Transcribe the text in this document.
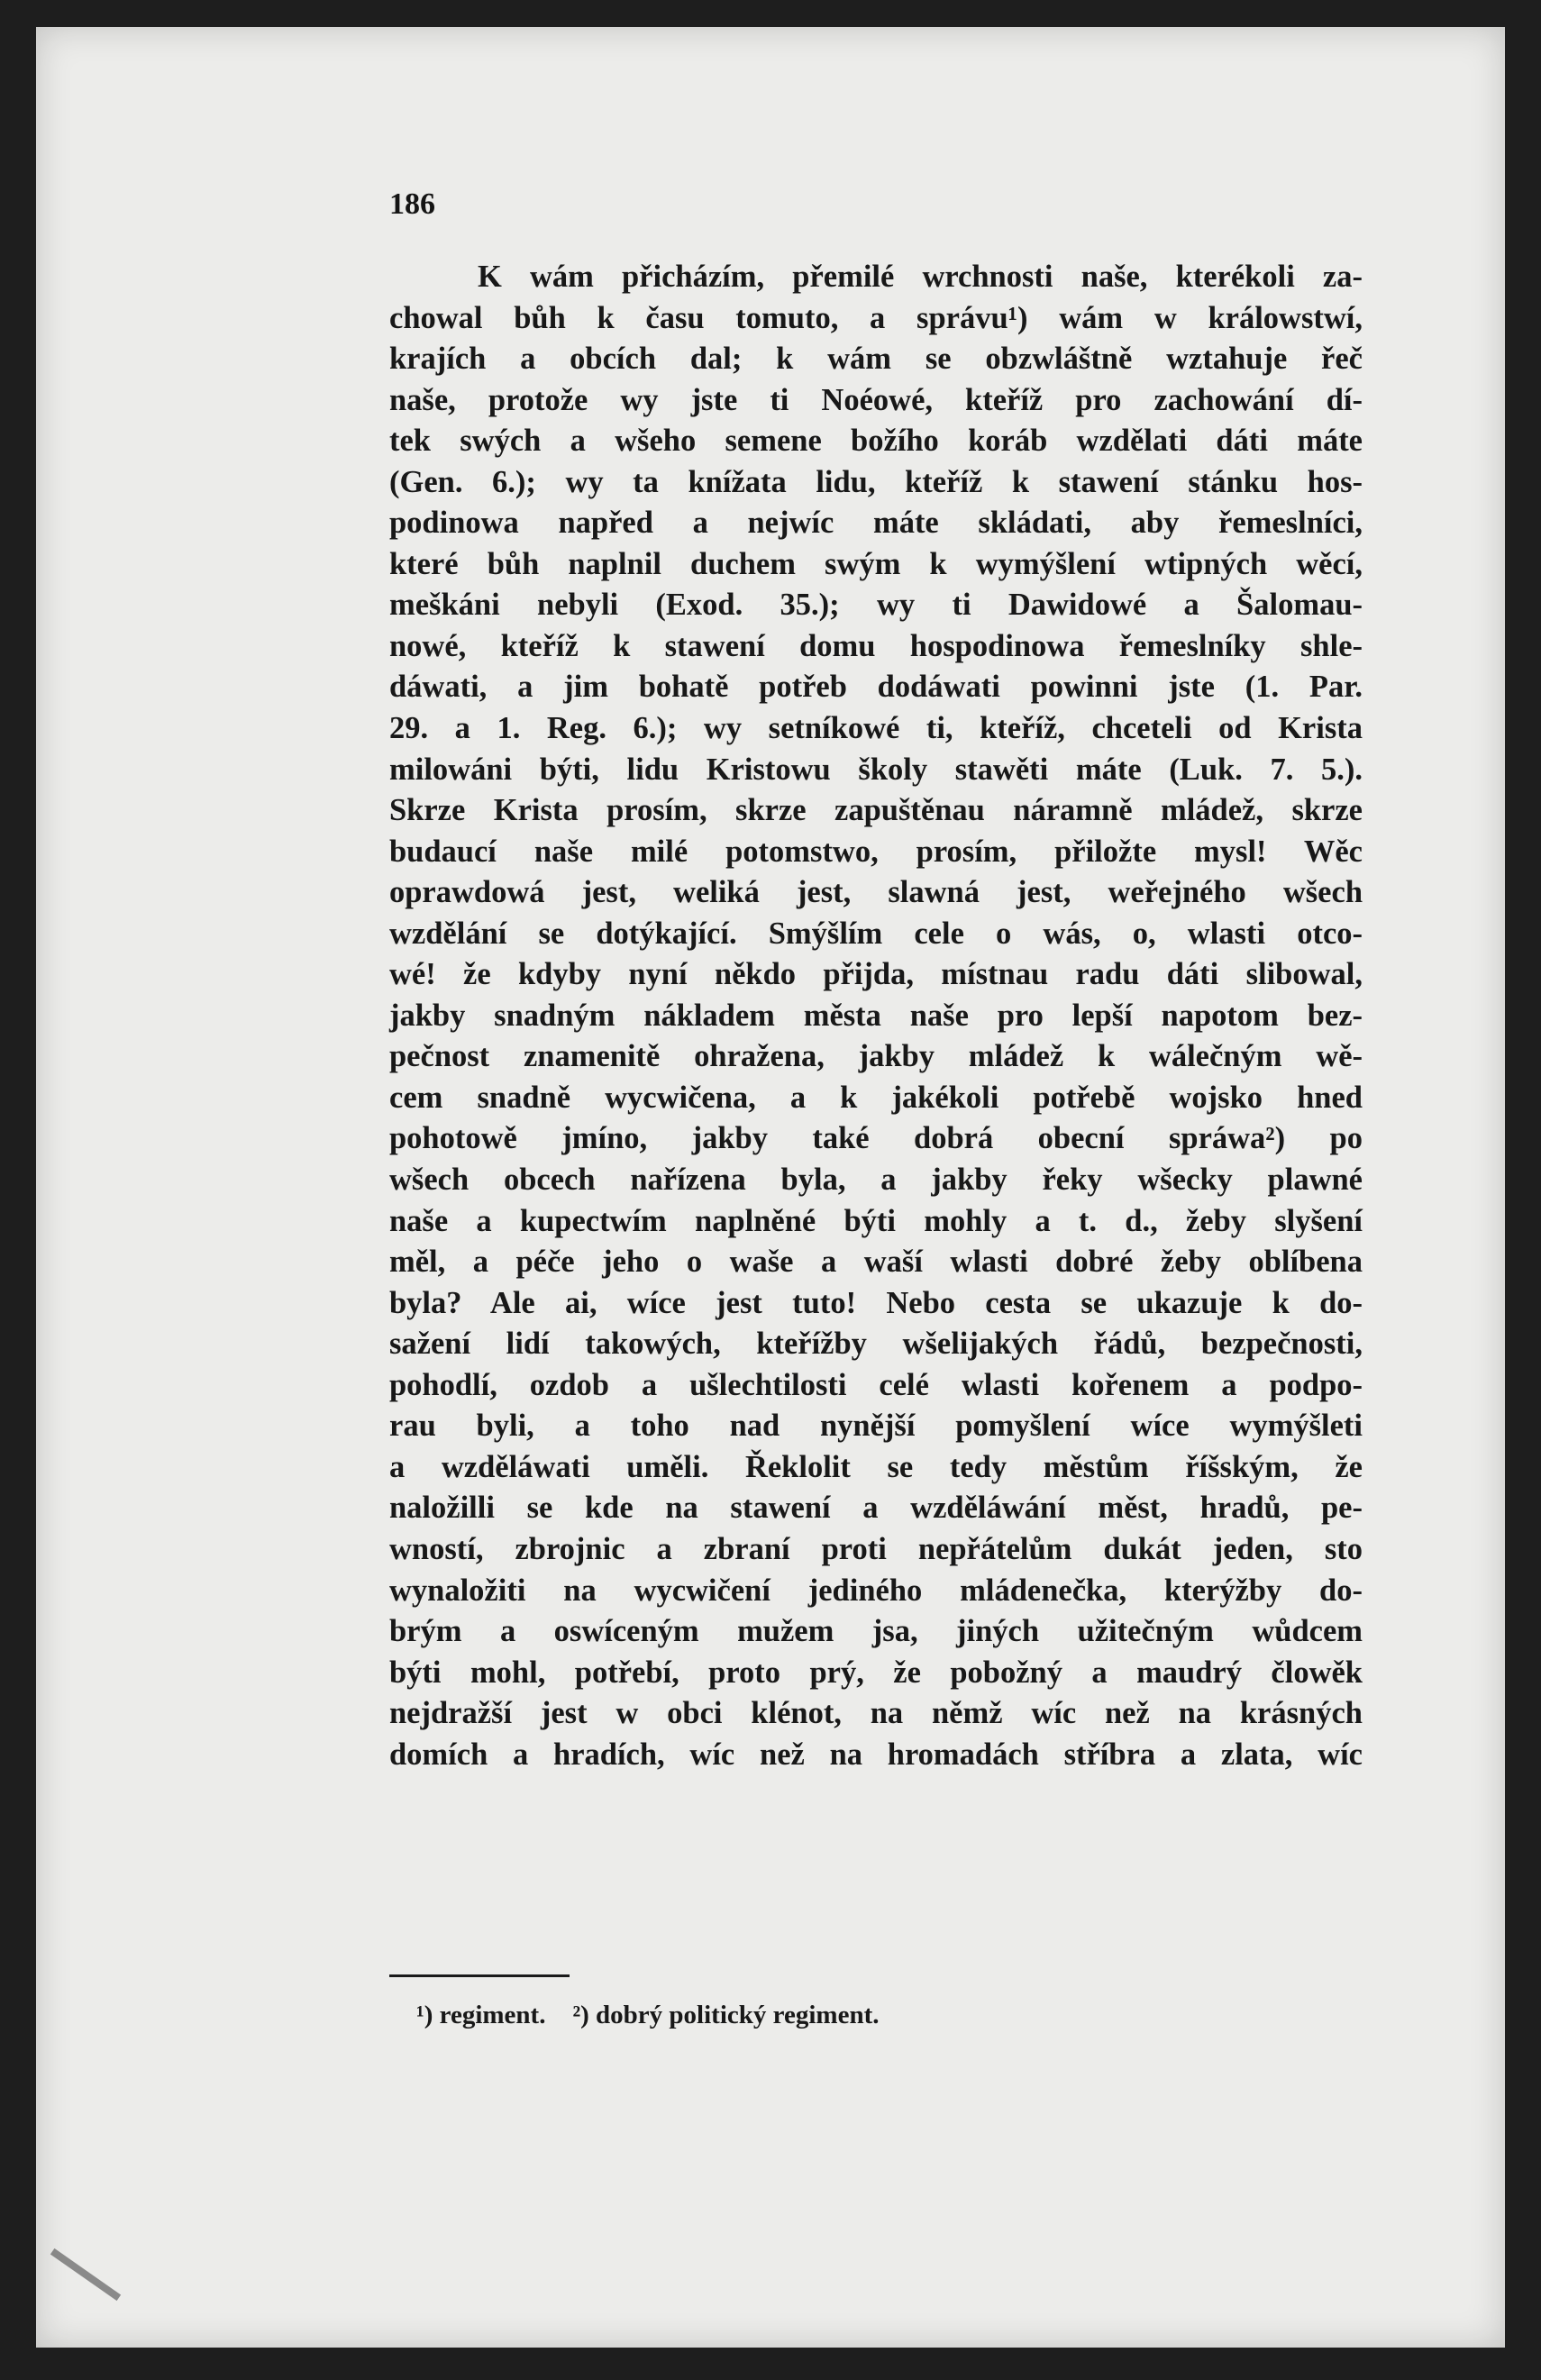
186

K wám přicházím, přemilé wrchnosti naše, kterékoli za-
chowal bůh k času tomuto, a správu¹) wám w králowstwí,
krajích a obcích dal; k wám se obzwláštně wztahuje řeč
naše, protože wy jste ti Noéowé, kteříž pro zachowání dí-
tek swých a wšeho semene božího koráb wzdělati dáti máte
(Gen. 6.); wy ta knížata lidu, kteříž k stawení stánku hos-
podinowa napřed a nejwíc máte skládati, aby řemeslníci,
které bůh naplnil duchem swým k wymýšlení wtipných wěcí,
meškáni nebyli (Exod. 35.); wy ti Dawidowé a Šalomau-
nowé, kteříž k stawení domu hospodinowa řemeslníky shle-
dáwati, a jim bohatě potřeb dodáwati powinni jste (1. Par.
29. a 1. Reg. 6.); wy setníkowé ti, kteříž, chceteli od Krista
milowáni býti, lidu Kristowu školy stawěti máte (Luk. 7. 5.).
Skrze Krista prosím, skrze zapuštěnau náramně mládež, skrze
budaucí naše milé potomstwo, prosím, přiložte mysl! Wěc
oprawdowá jest, weliká jest, slawná jest, weřejného wšech
wzdělání se dotýkající. Smýšlím cele o wás, o, wlasti otco-
wé! že kdyby nyní někdo přijda, místnau radu dáti slibowal,
jakby snadným nákladem města naše pro lepší napotom bez-
pečnost znamenitě ohražena, jakby mládež k wálečným wě-
cem snadně wycwičena, a k jakékoli potřebě wojsko hned
pohotowě jmíno, jakby také dobrá obecní spráwa²) po
wšech obcech nařízena byla, a jakby řeky wšecky plawné
naše a kupectwím naplněné býti mohly a t. d., žeby slyšení
měl, a péče jeho o waše a waší wlasti dobré žeby oblíbena
byla? Ale ai, wíce jest tuto! Nebo cesta se ukazuje k do-
sažení lidí takowých, kteřížby wšelijakých řádů, bezpečnosti,
pohodlí, ozdob a ušlechtilosti celé wlasti kořenem a podpo-
rau byli, a toho nad nynější pomyšlení wíce wymýšleti
a wzděláwati uměli. Řeklolit se tedy městům říšským, že
naložilli se kde na stawení a wzděláwání měst, hradů, pe-
wností, zbrojnic a zbraní proti nepřátelům dukát jeden, sto
wynaložiti na wycwičení jediného mládenečka, kterýžby do-
brým a oswíceným mužem jsa, jiných užitečným wůdcem
býti mohl, potřebí, proto prý, že pobožný a maudrý člowěk
nejdražší jest w obci klénot, na němž wíc než na krásných
domích a hradích, wíc než na hromadách stříbra a zlata, wíc

¹) regiment. ²) dobrý politický regiment.
